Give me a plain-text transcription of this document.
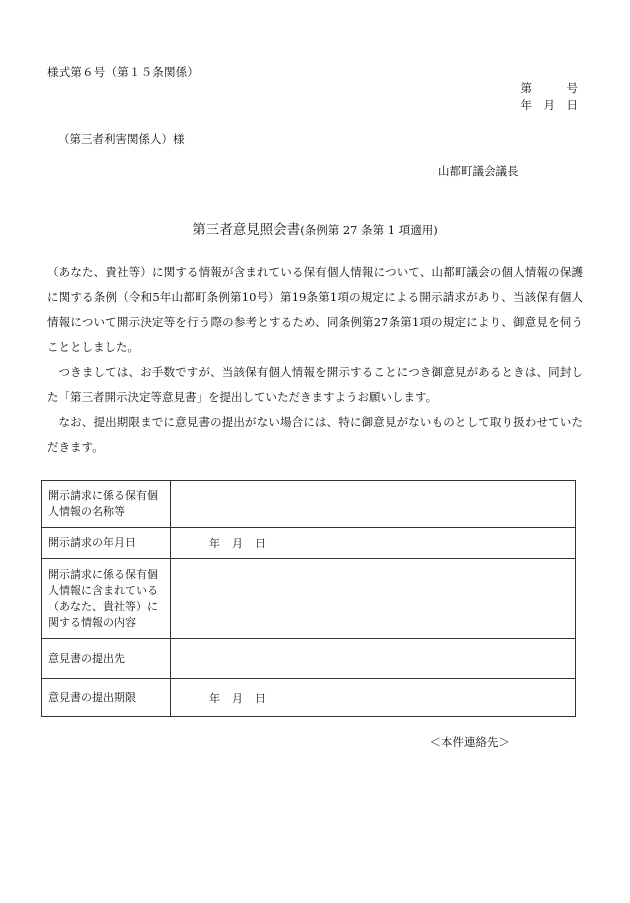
様式第６号（第１５条関係）
第　　　号
年　月　日
（第三者利害関係人）様
山都町議会議長
第三者意見照会書(条例第 27 条第 1 項適用)

（あなた、貴社等）に関する情報が含まれている保有個人情報について、山都町議会の個人情報の保護に関する条例（令和5年山都町条例第10号）第19条第1項の規定による開示請求があり、当該保有個人情報について開示決定等を行う際の参考とするため、同条例第27条第1項の規定により、御意見を伺うこととしました。

つきましては、お手数ですが、当該保有個人情報を開示することにつき御意見があるときは、同封した「第三者開示決定等意見書」を提出していただきますようお願いします。

なお、提出期限までに意見書の提出がない場合には、特に御意見がないものとして取り扱わせていただきます。

開示請求に係る保有個人情報の名称等	
開示請求の年月日	年　月　日
開示請求に係る保有個人情報に含まれている（あなた、貴社等）に関する情報の内容	
意見書の提出先	
意見書の提出期限	年　月　日
＜本件連絡先＞
